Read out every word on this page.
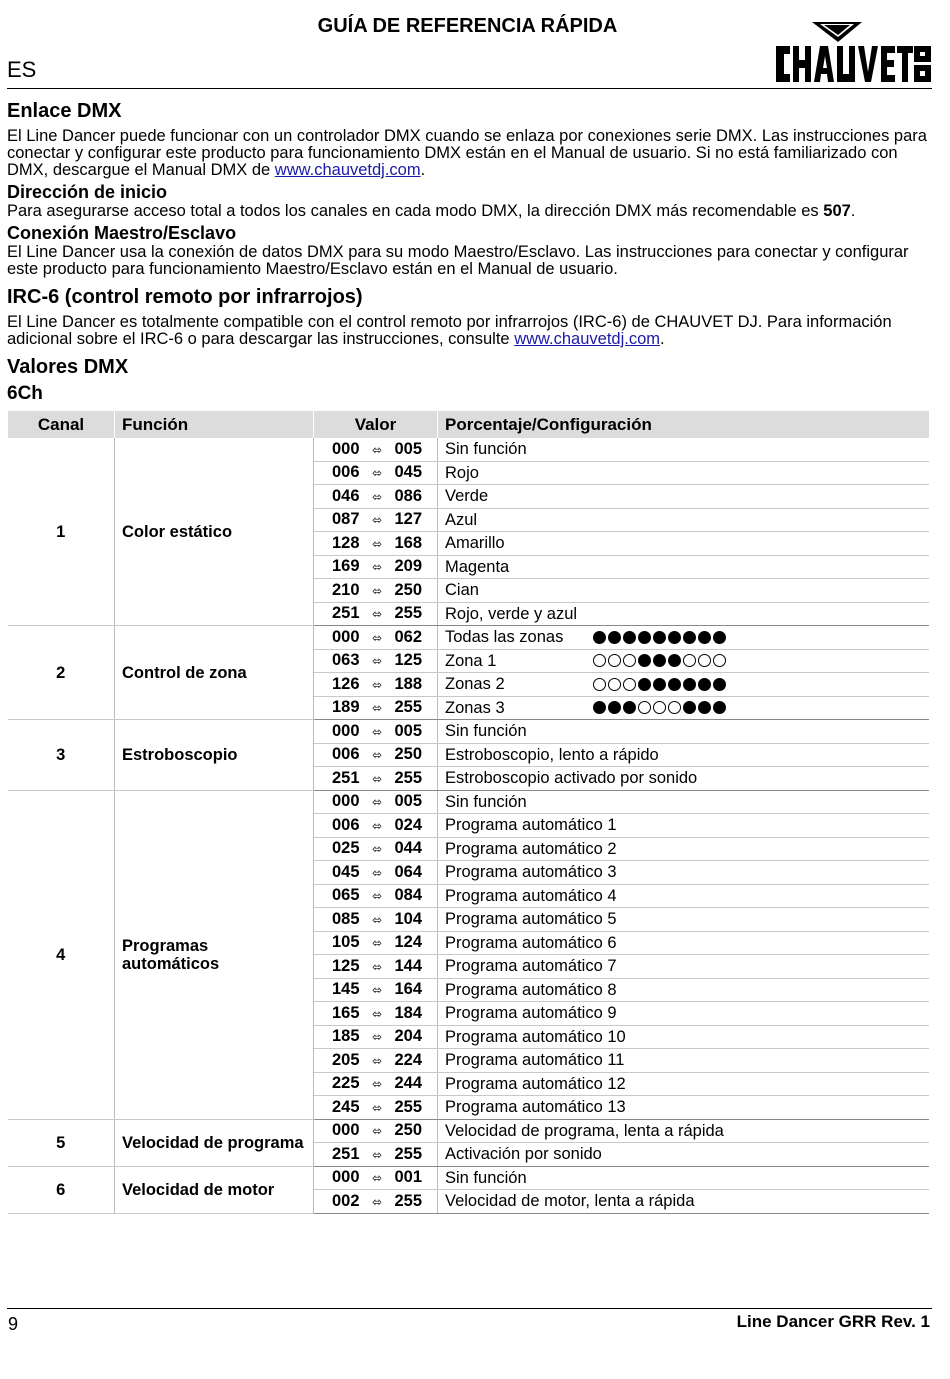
GUÍA DE REFERENCIA RÁPIDA
ES
Enlace DMX

El Line Dancer puede funcionar con un controlador DMX cuando se enlaza por conexiones serie DMX. Las instrucciones para conectar y configurar este producto para funcionamiento DMX están en el Manual de usuario. Si no está familiarizado con DMX, descargue el Manual DMX de www.chauvetdj.com.

Dirección de inicio

Para asegurarse acceso total a todos los canales en cada modo DMX, la dirección DMX más recomendable es 507.

Conexión Maestro/Esclavo

El Line Dancer usa la conexión de datos DMX para su modo Maestro/Esclavo. Las instrucciones para conectar y configurar este producto para funcionamiento Maestro/Esclavo están en el Manual de usuario.

IRC-6 (control remoto por infrarrojos)

El Line Dancer es totalmente compatible con el control remoto por infrarrojos (IRC-6) de CHAUVET DJ. Para información adicional sobre el IRC-6 o para descargar las instrucciones, consulte www.chauvetdj.com.

Valores DMX
6Ch
Canal	Función	Valor	Porcentaje/Configuración
1	Color estático	000 ⬄ 005	Sin función
		006 ⬄ 045	Rojo
		046 ⬄ 086	Verde
		087 ⬄ 127	Azul
		128 ⬄ 168	Amarillo
		169 ⬄ 209	Magenta
		210 ⬄ 250	Cian
		251 ⬄ 255	Rojo, verde y azul
2	Control de zona	000 ⬄ 062	Todas las zonas

		063 ⬄ 125	Zona 1

		126 ⬄ 188	Zonas 2

		189 ⬄ 255	Zonas 3

3	Estroboscopio	000 ⬄ 005	Sin función
		006 ⬄ 250	Estroboscopio, lento a rápido
		251 ⬄ 255	Estroboscopio activado por sonido
4	Programas automáticos	000 ⬄ 005	Sin función
		006 ⬄ 024	Programa automático 1
		025 ⬄ 044	Programa automático 2
		045 ⬄ 064	Programa automático 3
		065 ⬄ 084	Programa automático 4
		085 ⬄ 104	Programa automático 5
		105 ⬄ 124	Programa automático 6
		125 ⬄ 144	Programa automático 7
		145 ⬄ 164	Programa automático 8
		165 ⬄ 184	Programa automático 9
		185 ⬄ 204	Programa automático 10
		205 ⬄ 224	Programa automático 11
		225 ⬄ 244	Programa automático 12
		245 ⬄ 255	Programa automático 13
5	Velocidad de programa	000 ⬄ 250	Velocidad de programa, lenta a rápida
		251 ⬄ 255	Activación por sonido
6	Velocidad de motor	000 ⬄ 001	Sin función
		002 ⬄ 255	Velocidad de motor, lenta a rápida
9	Line Dancer GRR Rev. 1
